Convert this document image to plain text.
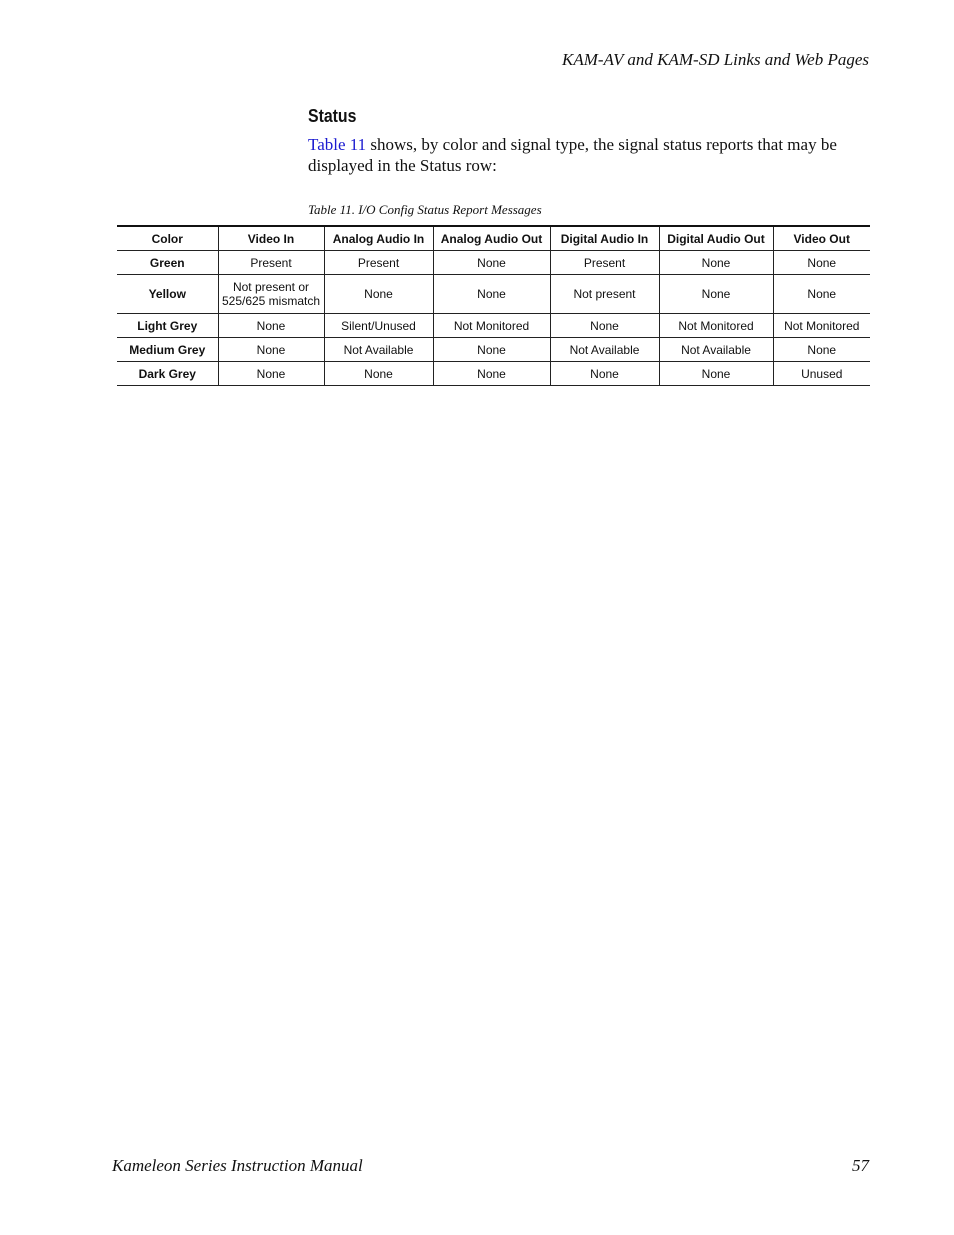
KAM-AV and KAM-SD Links and Web Pages
Status
Table 11 shows, by color and signal type, the signal status reports that may be displayed in the Status row:
Table 11. I/O Config Status Report Messages
Color	Video In	Analog Audio In	Analog Audio Out	Digital Audio In	Digital Audio Out	Video Out
Green	Present	Present	None	Present	None	None
Yellow	Not present or 525/625 mismatch	None	None	Not present	None	None
Light Grey	None	Silent/Unused	Not Monitored	None	Not Monitored	Not Monitored
Medium Grey	None	Not Available	None	Not Available	Not Available	None
Dark Grey	None	None	None	None	None	Unused
Kameleon Series Instruction Manual	57
